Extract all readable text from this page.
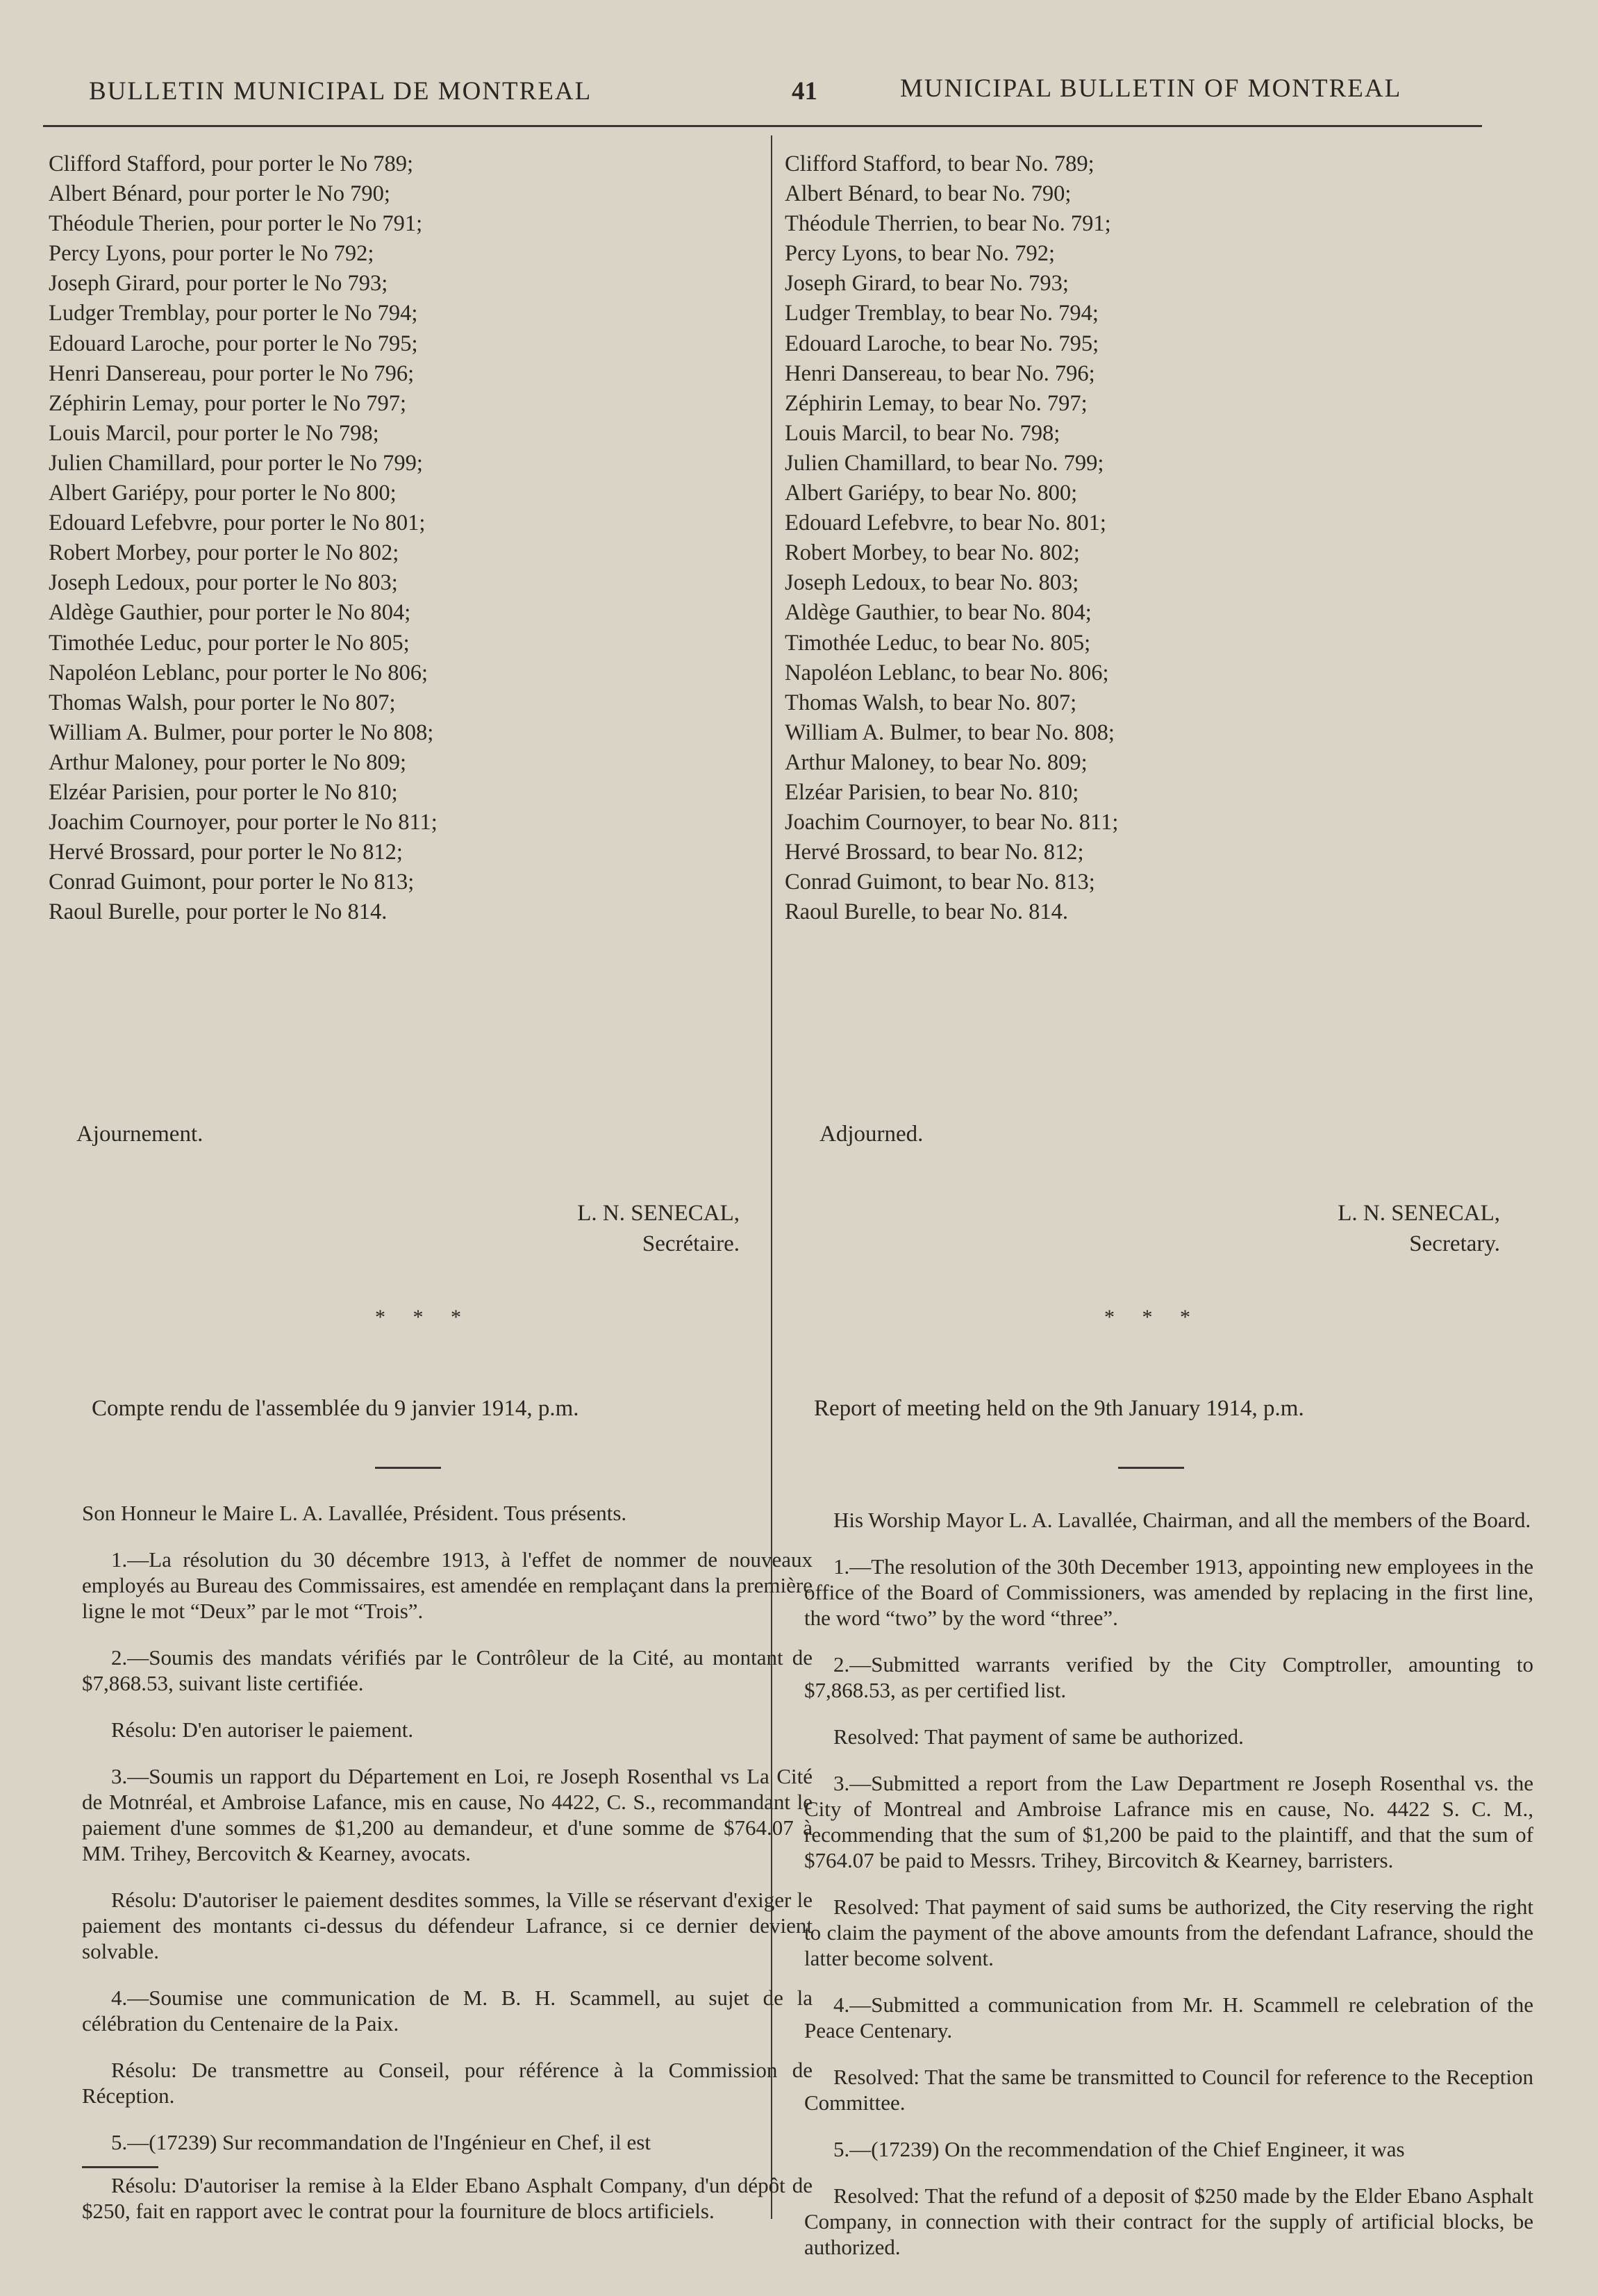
BULLETIN MUNICIPAL DE MONTREAL	41	MUNICIPAL BULLETIN OF MONTREAL
Clifford Stafford, pour porter le No 789;
Albert Bénard, pour porter le No 790;
Théodule Therien, pour porter le No 791;
Percy Lyons, pour porter le No 792;
Joseph Girard, pour porter le No 793;
Ludger Tremblay, pour porter le No 794;
Edouard Laroche, pour porter le No 795;
Henri Dansereau, pour porter le No 796;
Zéphirin Lemay, pour porter le No 797;
Louis Marcil, pour porter le No 798;
Julien Chamillard, pour porter le No 799;
Albert Gariépy, pour porter le No 800;
Edouard Lefebvre, pour porter le No 801;
Robert Morbey, pour porter le No 802;
Joseph Ledoux, pour porter le No 803;
Aldège Gauthier, pour porter le No 804;
Timothée Leduc, pour porter le No 805;
Napoléon Leblanc, pour porter le No 806;
Thomas Walsh, pour porter le No 807;
William A. Bulmer, pour porter le No 808;
Arthur Maloney, pour porter le No 809;
Elzéar Parisien, pour porter le No 810;
Joachim Cournoyer, pour porter le No 811;
Hervé Brossard, pour porter le No 812;
Conrad Guimont, pour porter le No 813;
Raoul Burelle, pour porter le No 814.
Ajournement.
L. N. SENECAL,
Secrétaire.
* * *
Compte rendu de l'assemblée du 9 janvier 1914, p.m.

Son Honneur le Maire L. A. Lavallée, Président. Tous présents.

1.—La résolution du 30 décembre 1913, à l'effet de nommer de nouveaux employés au Bureau des Commissaires, est amendée en remplaçant dans la première ligne le mot “Deux” par le mot “Trois”.

2.—Soumis des mandats vérifiés par le Contrôleur de la Cité, au montant de $7,868.53, suivant liste certifiée.

Résolu: D'en autoriser le paiement.

3.—Soumis un rapport du Département en Loi, re Joseph Rosenthal vs La Cité de Motnréal, et Ambroise Lafance, mis en cause, No 4422, C. S., recommandant le paiement d'une sommes de $1,200 au demandeur, et d'une somme de $764.07 à MM. Trihey, Bercovitch & Kearney, avocats.

Résolu: D'autoriser le paiement desdites sommes, la Ville se réservant d'exiger le paiement des montants ci-dessus du défendeur Lafrance, si ce dernier devient solvable.

4.—Soumise une communication de M. B. H. Scammell, au sujet de la célébration du Centenaire de la Paix.

Résolu: De transmettre au Conseil, pour référence à la Commission de Réception.

5.—(17239) Sur recommandation de l'Ingénieur en Chef, il est

Résolu: D'autoriser la remise à la Elder Ebano Asphalt Company, d'un dépôt de $250, fait en rapport avec le contrat pour la fourniture de blocs artificiels.

Clifford Stafford, to bear No. 789;
Albert Bénard, to bear No. 790;
Théodule Therrien, to bear No. 791;
Percy Lyons, to bear No. 792;
Joseph Girard, to bear No. 793;
Ludger Tremblay, to bear No. 794;
Edouard Laroche, to bear No. 795;
Henri Dansereau, to bear No. 796;
Zéphirin Lemay, to bear No. 797;
Louis Marcil, to bear No. 798;
Julien Chamillard, to bear No. 799;
Albert Gariépy, to bear No. 800;
Edouard Lefebvre, to bear No. 801;
Robert Morbey, to bear No. 802;
Joseph Ledoux, to bear No. 803;
Aldège Gauthier, to bear No. 804;
Timothée Leduc, to bear No. 805;
Napoléon Leblanc, to bear No. 806;
Thomas Walsh, to bear No. 807;
William A. Bulmer, to bear No. 808;
Arthur Maloney, to bear No. 809;
Elzéar Parisien, to bear No. 810;
Joachim Cournoyer, to bear No. 811;
Hervé Brossard, to bear No. 812;
Conrad Guimont, to bear No. 813;
Raoul Burelle, to bear No. 814.
Adjourned.
L. N. SENECAL,
Secretary.
* * *
Report of meeting held on the 9th January 1914, p.m.

His Worship Mayor L. A. Lavallée, Chairman, and all the members of the Board.

1.—The resolution of the 30th December 1913, appointing new employees in the office of the Board of Commissioners, was amended by replacing in the first line, the word “two” by the word “three”.

2.—Submitted warrants verified by the City Comptroller, amounting to $7,868.53, as per certified list.

Resolved: That payment of same be authorized.

3.—Submitted a report from the Law Department re Joseph Rosenthal vs. the City of Montreal and Ambroise Lafrance mis en cause, No. 4422 S. C. M., recommending that the sum of $1,200 be paid to the plaintiff, and that the sum of $764.07 be paid to Messrs. Trihey, Bircovitch & Kearney, barristers.

Resolved: That payment of said sums be authorized, the City reserving the right to claim the payment of the above amounts from the defendant Lafrance, should the latter become solvent.

4.—Submitted a communication from Mr. H. Scammell re celebration of the Peace Centenary.

Resolved: That the same be transmitted to Council for reference to the Reception Committee.

5.—(17239) On the recommendation of the Chief Engineer, it was

Resolved: That the refund of a deposit of $250 made by the Elder Ebano Asphalt Company, in connection with their contract for the supply of artificial blocks, be authorized.
